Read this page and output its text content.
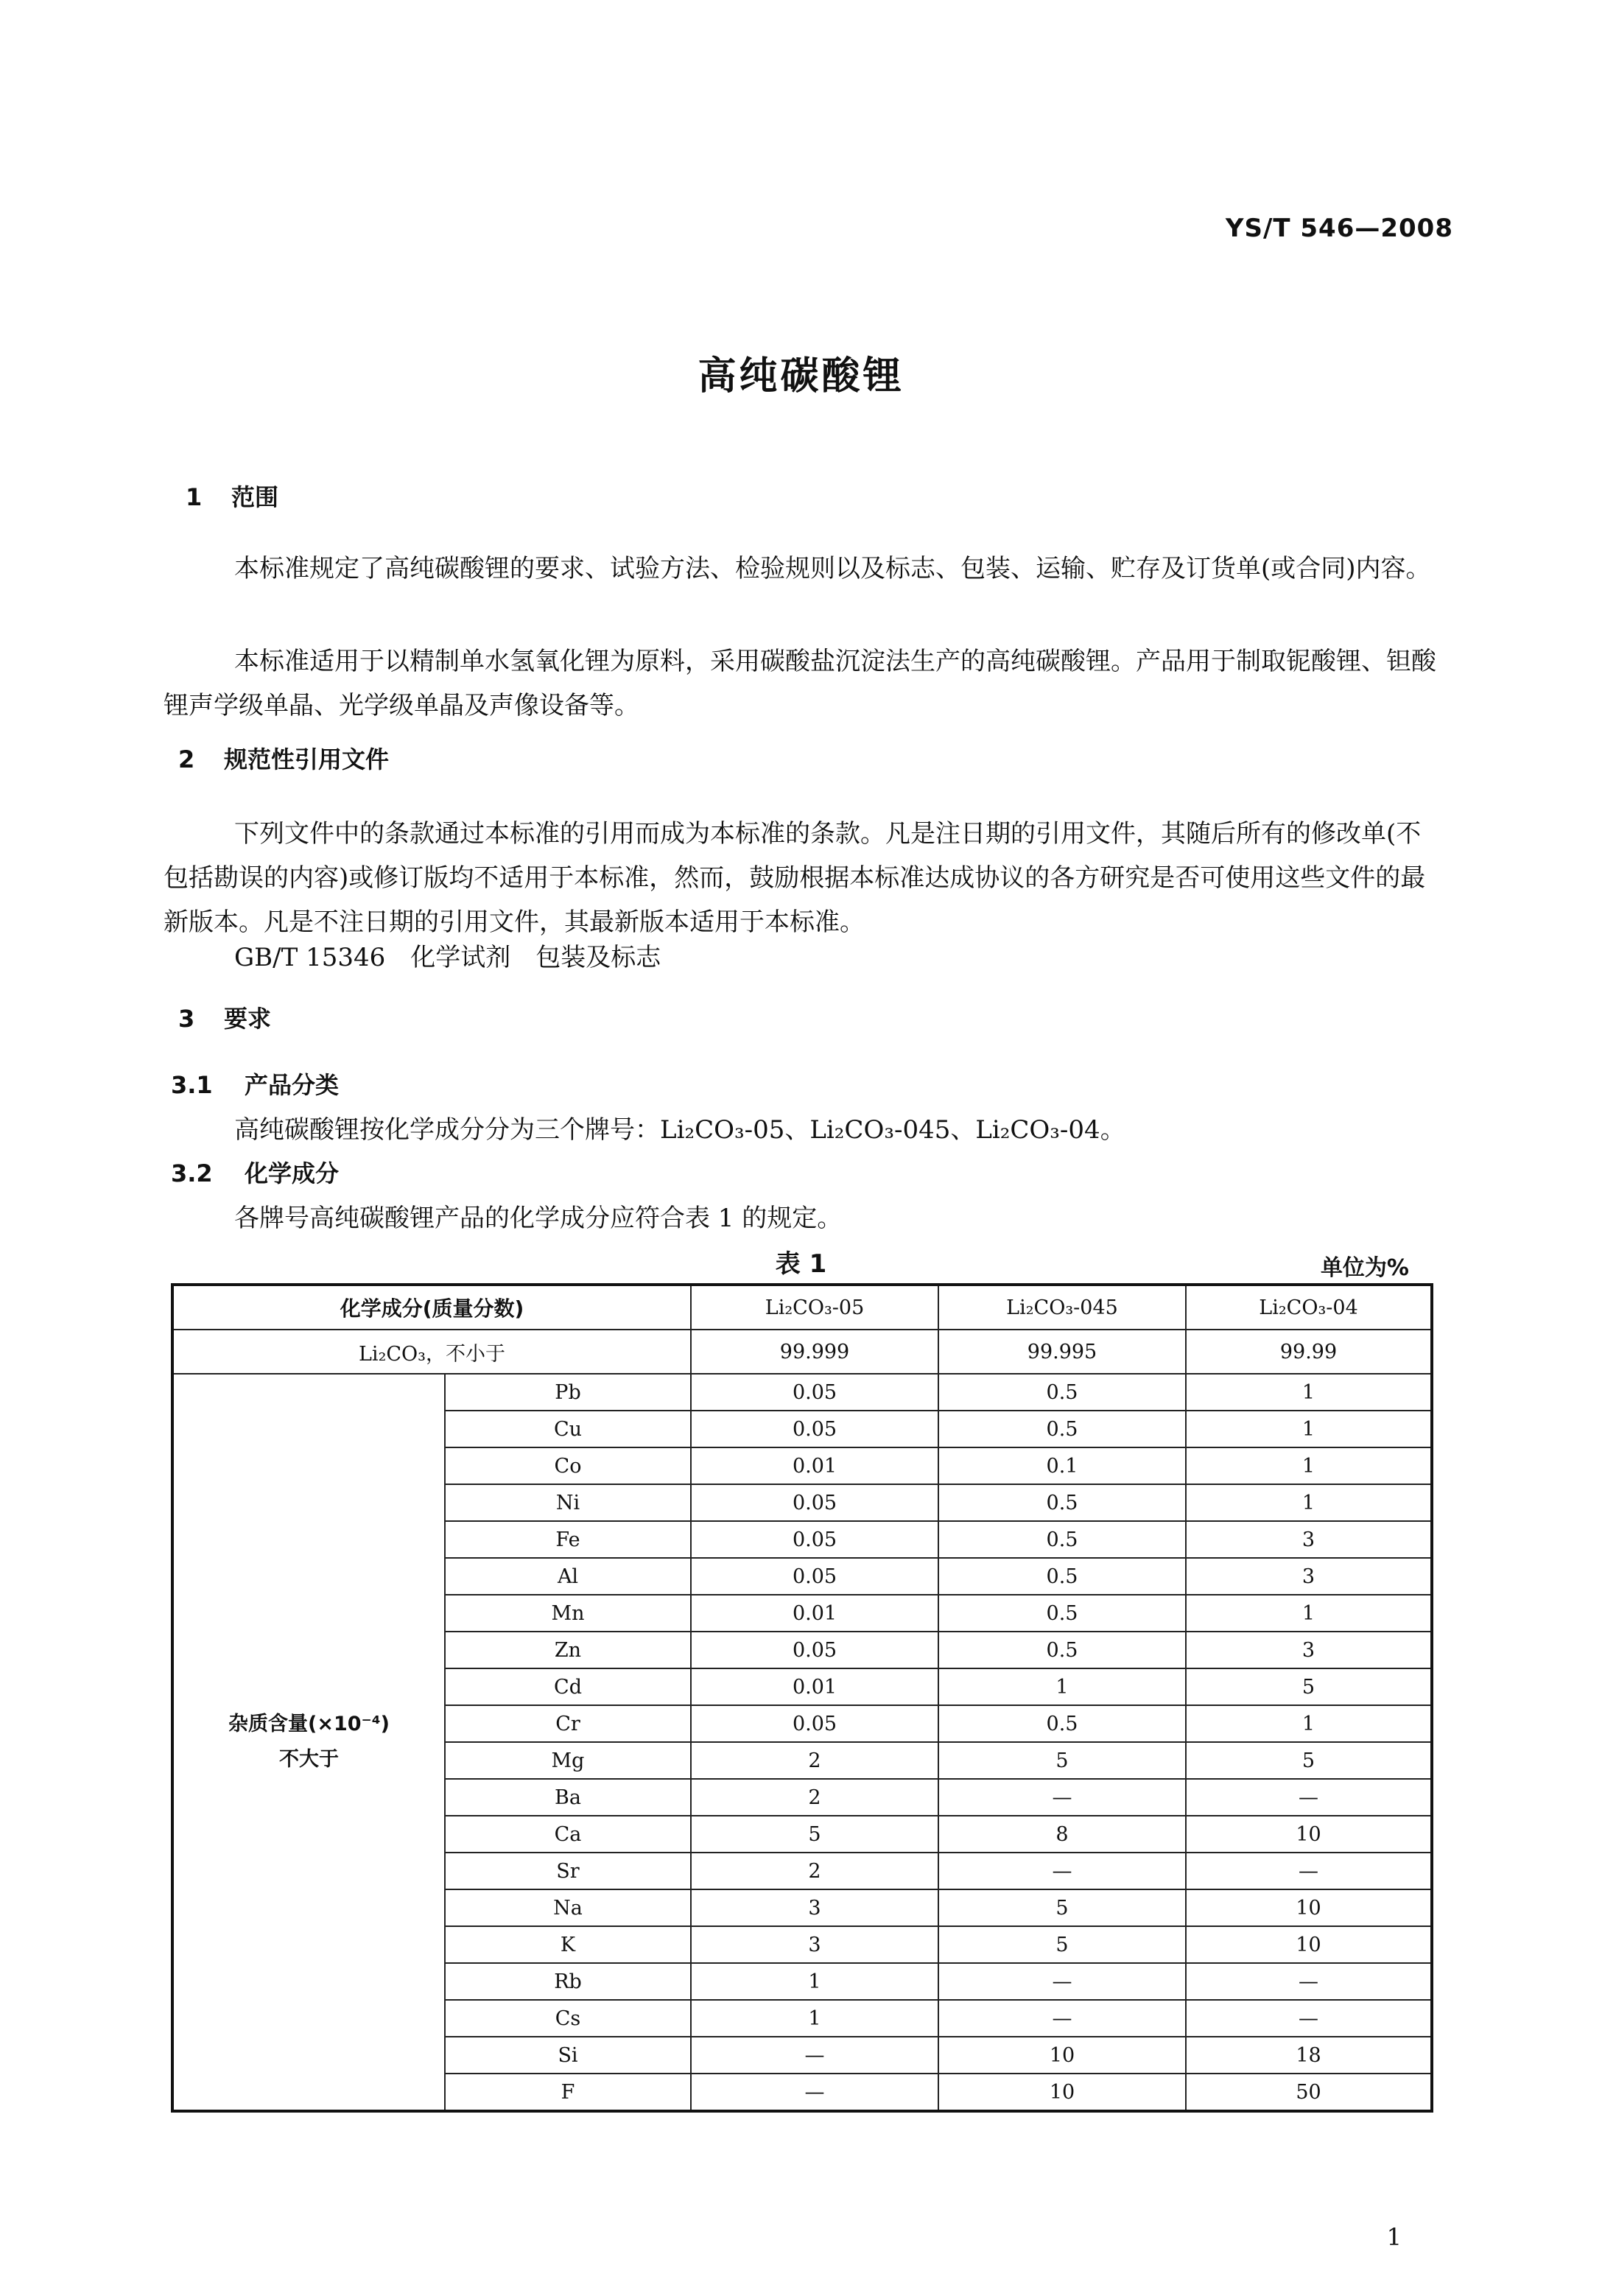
YS/T 546—2008
高纯碳酸锂
1 范围
本标准规定了高纯碳酸锂的要求、试验方法、检验规则以及标志、包装、运输、贮存及订货单(或合同)内容。
本标准适用于以精制单水氢氧化锂为原料，采用碳酸盐沉淀法生产的高纯碳酸锂。产品用于制取铌酸锂、钽酸锂声学级单晶、光学级单晶及声像设备等。
2 规范性引用文件
下列文件中的条款通过本标准的引用而成为本标准的条款。凡是注日期的引用文件，其随后所有的修改单(不包括勘误的内容)或修订版均不适用于本标准，然而，鼓励根据本标准达成协议的各方研究是否可使用这些文件的最新版本。凡是不注日期的引用文件，其最新版本适用于本标准。
GB/T 15346　化学试剂　包装及标志
3 要求
3.1 产品分类
高纯碳酸锂按化学成分分为三个牌号：Li₂CO₃-05、Li₂CO₃-045、Li₂CO₃-04。
3.2 化学成分
各牌号高纯碳酸锂产品的化学成分应符合表 1 的规定。
表 1	单位为%
化学成分(质量分数)		Li₂CO₃-05	Li₂CO₃-045	Li₂CO₃-04
Li₂CO₃，不小于		99.999	99.995	99.99

杂质含量(×10⁻⁴)
不大于	Pb	0.05	0.5	1
	Cu	0.05	0.5	1
	Co	0.01	0.1	1
	Ni	0.05	0.5	1
	Fe	0.05	0.5	3
	Al	0.05	0.5	3
	Mn	0.01	0.5	1
	Zn	0.05	0.5	3
	Cd	0.01	1	5
	Cr	0.05	0.5	1
	Mg	2	5	5
	Ba	2	—	—
	Ca	5	8	10
	Sr	2	—	—
	Na	3	5	10
	K	3	5	10
	Rb	1	—	—
	Cs	1	—	—
	Si	—	10	18
	F	—	10	50
1
